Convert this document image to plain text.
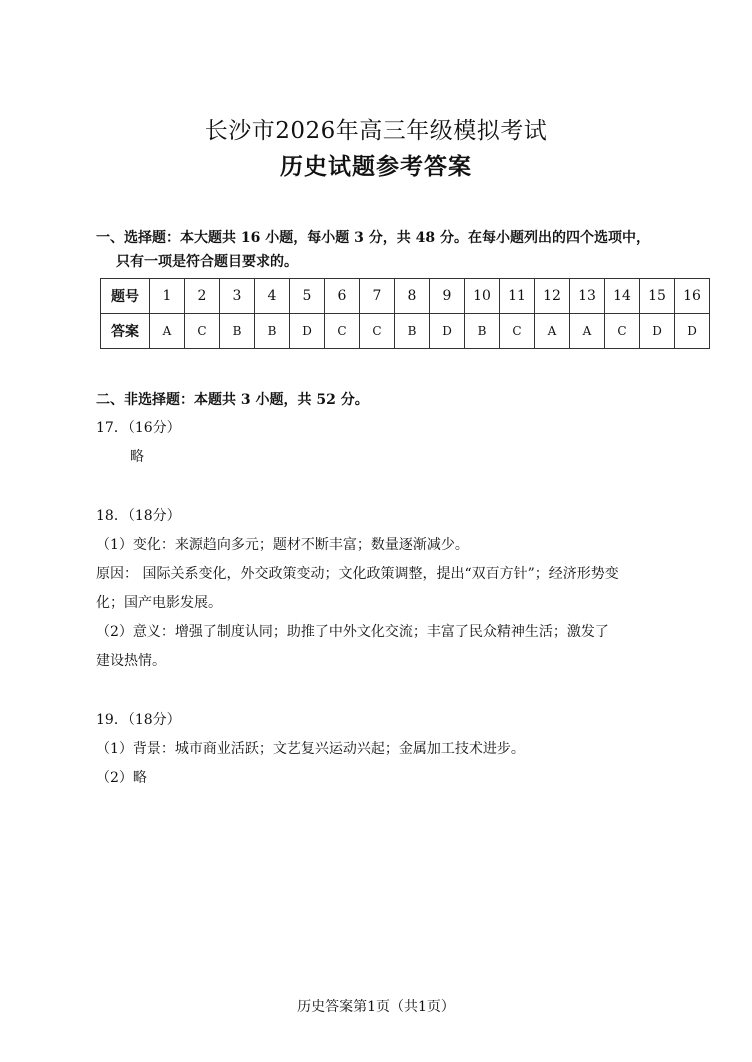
长沙市2026年高三年级模拟考试
历史试题参考答案
一、选择题：本大题共 16 小题，每小题 3 分，共 48 分。在每小题列出的四个选项中，
只有一项是符合题目要求的。
题号	1	2	3	4	5	6	7	8	9	10	11	12	13	14	15	16
答案	A	C	B	B	D	C	C	B	D	B	C	A	A	C	D	D
二、非选择题：本题共 3 小题，共 52 分。
17．（16分）
略
18．（18分）
（1）变化：来源趋向多元；题材不断丰富；数量逐渐减少。
原因： 国际关系变化，外交政策变动；文化政策调整，提出“双百方针”；经济形势变
化；国产电影发展。
（2）意义：增强了制度认同；助推了中外文化交流；丰富了民众精神生活；激发了
建设热情。
19．（18分）
（1）背景：城市商业活跃；文艺复兴运动兴起；金属加工技术进步。
（2）略
历史答案第1页（共1页）
